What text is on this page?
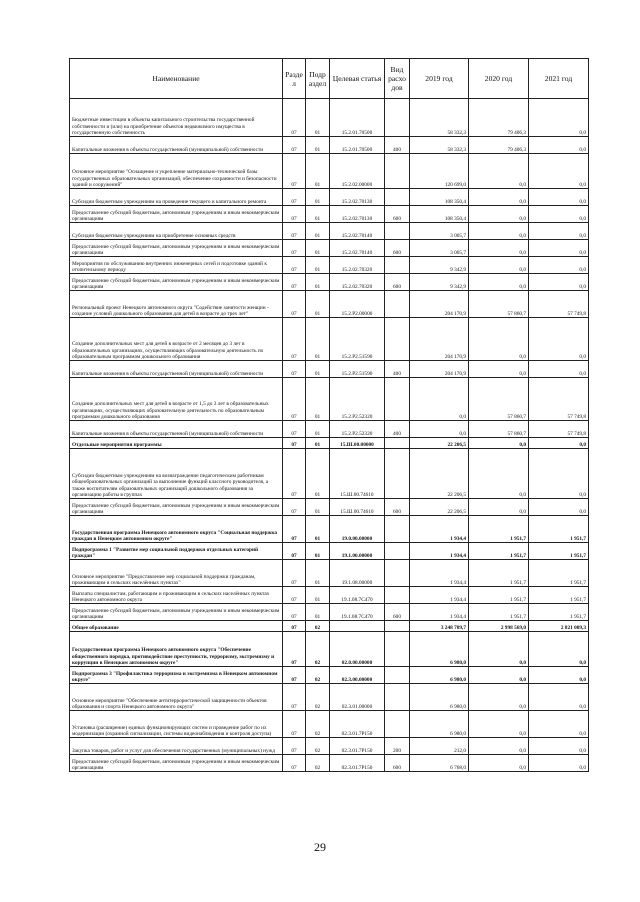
Наименование	Разде л	Подр аздел	Целевая статья	Вид расхо дов	2019 год	2020 год	2021 год
Бюджетные инвестиции в объекты капитального строительства государственной собственности и (или) на приобретение объектов недвижимого имущества в государственную собственность	07	01	15.2.01.70500		58 332,3	79 406,3	0,0
Капитальные вложения в объекты государственной (муниципальной) собственности	07	01	15.2.01.70500	400	58 332,3	79 406,3	0,0
Основное мероприятие "Оснащение и укрепление материально-технической базы государственных образовательных организаций, обеспечение сохранности и безопасности зданий и сооружений"	07	01	15.2.02.00000		120 699,0	0,0	0,0
Субсидии бюджетным учреждениям на проведение текущего и капитального ремонта	07	01	15.2.02.70130		108 350,4	0,0	0,0
Предоставление субсидий бюджетным, автономным учреждениям и иным некоммерческим организациям	07	01	15.2.02.70130	600	108 350,4	0,0	0,0
Субсидии бюджетным учреждениям на приобретение основных средств	07	01	15.2.02.70140		3 005,7	0,0	0,0
Предоставление субсидий бюджетным, автономным учреждениям и иным некоммерческим организациям	07	01	15.2.02.70140	600	3 005,7	0,0	0,0
Мероприятия по обслуживанию внутренних инженерных сетей и подготовке зданий к отопительному периоду	07	01	15.2.02.70320		9 342,9	0,0	0,0
Предоставление субсидий бюджетным, автономным учреждениям и иным некоммерческим организациям	07	01	15.2.02.70320	600	9 342,9	0,0	0,0
Региональный проект Ненецкого автономного округа "Содействие занятости женщин - создание условий дошкольного образования для детей в возрасте до трех лет"	07	01	15.2.P2.00000		204 170,9	57 860,7	57 749,8
Создание дополнительных мест для детей в возрасте от 2 месяцев до 3 лет в образовательных организациях, осуществляющих образовательную деятельность по образовательным программам дошкольного образования	07	01	15.2.P2.51590		204 170,9	0,0	0,0
Капитальные вложения в объекты государственной (муниципальной) собственности	07	01	15.2.P2.51590	400	204 170,9	0,0	0,0
Создание дополнительных мест для детей в возрасте от 1,5 до 3 лет в образовательных организациях, осуществляющих образовательную деятельность по образовательным программам дошкольного образования	07	01	15.2.P2.52320		0,0	57 860,7	57 749,8
Капитальные вложения в объекты государственной (муниципальной) собственности	07	01	15.2.P2.52320	400	0,0	57 860,7	57 749,8
Отдельные мероприятия программы	07	01	15.Ш.00.00000		22 206,5	0,0	0,0
Субсидии бюджетным учреждениям на вознаграждение педагогическим работникам общеобразовательных организаций за выполнение функций классного руководителя, а также воспитателям образовательных организаций дошкольного образования за организацию работы в группах	07	01	15.Ш.00.74610		22 206,5	0,0	0,0
Предоставление субсидий бюджетным, автономным учреждениям и иным некоммерческим организациям	07	01	15.Ш.00.74610	600	22 206,5	0,0	0,0
Государственная программа Ненецкого автономного округа "Социальная поддержка граждан в Ненецком автономном округе"	07	01	19.0.00.00000		1 934,4	1 951,7	1 951,7
Подпрограмма 1 "Развитие мер социальной поддержки отдельных категорий граждан"	07	01	19.1.00.00000		1 934,4	1 951,7	1 951,7
Основное мероприятие "Предоставление мер социальной поддержки гражданам, проживающим в сельских населённых пунктах"	07	01	19.1.08.00000		1 934,4	1 951,7	1 951,7
Выплаты специалистам, работающим и проживающим в сельских населённых пунктах Ненецкого автономного округа	07	01	19.1.08.7С470		1 934,4	1 951,7	1 951,7
Предоставление субсидий бюджетным, автономным учреждениям и иным некоммерческим организациям	07	01	19.1.08.7С470	600	1 934,4	1 951,7	1 951,7
Общее образование	07	02			3 248 709,7	2 998 569,0	2 821 009,3
Государственная программа Ненецкого автономного округа "Обеспечение общественного порядка, противодействие преступности, терроризму, экстремизму и коррупции в Ненецком автономном округе"	07	02	02.0.00.00000		6 980,0	0,0	0,0
Подпрограмма 3 "Профилактика терроризма и экстремизма в Ненецком автономном округе"	07	02	02.3.00.00000		6 980,0	0,0	0,0
Основное мероприятие "Обеспечение антитеррористической защищенности объектов образования и спорта Ненецкого автономного округа"	07	02	02.3.01.00000		6 980,0	0,0	0,0
Установка (расширение) единых функционирующих систем и проведение работ по их модернизации (охранной сигнализации, системы видеонаблюдения и контроля доступа)	07	02	02.3.01.7P150		6 980,0	0,0	0,0
Закупка товаров, работ и услуг для обеспечения государственных (муниципальных) нужд	07	02	02.3.01.7P150	200	212,0	0,0	0,0
Предоставление субсидий бюджетным, автономным учреждениям и иным некоммерческим организациям	07	02	02.3.01.7P150	600	6 768,0	0,0	0,0
29
